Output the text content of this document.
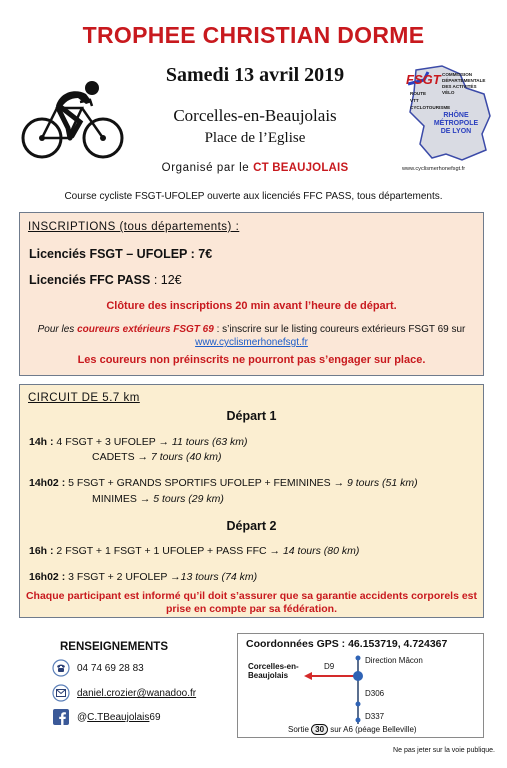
TROPHEE CHRISTIAN DORME
Samedi 13 avril 2019
Corcelles-en-Beaujolais
Place de l’Eglise
FSGT COMMISSION
DÉPARTEMENTALE
DES ACTIVITÉS
VÉLO
ROUTE
VTT
CYCLOTOURISME
RHÔNE
MÉTROPOLE
DE LYON
www.cyclismerhonefsgt.fr
Organisé par le CT BEAUJOLAIS
Course cycliste FSGT-UFOLEP ouverte aux licenciés FFC PASS, tous départements.
INSCRIPTIONS (tous départements) :
Licenciés FSGT – UFOLEP : 7€
Licenciés FFC PASS : 12€
Clôture des inscriptions 20 min avant l’heure de départ.
Pour les coureurs extérieurs FSGT 69 : s’inscrire sur le listing coureurs extérieurs FSGT 69 sur
www.cyclismerhonefsgt.fr
Les coureurs non préinscrits ne pourront pas s’engager sur place.
CIRCUIT DE 5.7 km
Départ 1
14h : 4 FSGT + 3 UFOLEP → 11 tours (63 km)
CADETS → 7 tours (40 km)
14h02 : 5 FSGT + GRANDS SPORTIFS UFOLEP + FEMININES → 9 tours (51 km)
MINIMES → 5 tours (29 km)
Départ 2
16h : 2 FSGT + 1 FSGT + 1 UFOLEP + PASS FFC → 14 tours (80 km)
16h02 : 3 FSGT + 2 UFOLEP →13 tours (74 km)
Chaque participant est informé qu’il doit s’assurer que sa garantie accidents corporels est
prise en compte par sa fédération.
RENSEIGNEMENTS
04 74 69 28 83
daniel.crozier@wanadoo.fr
@C.TBeaujolais69
Coordonnées GPS : 46.153719, 4.724367
Corcelles-en-
Beaujolais
D9
Direction Mâcon
D306
D337
Sortie 30 sur A6 (péage Belleville)
Ne pas jeter sur la voie publique.
